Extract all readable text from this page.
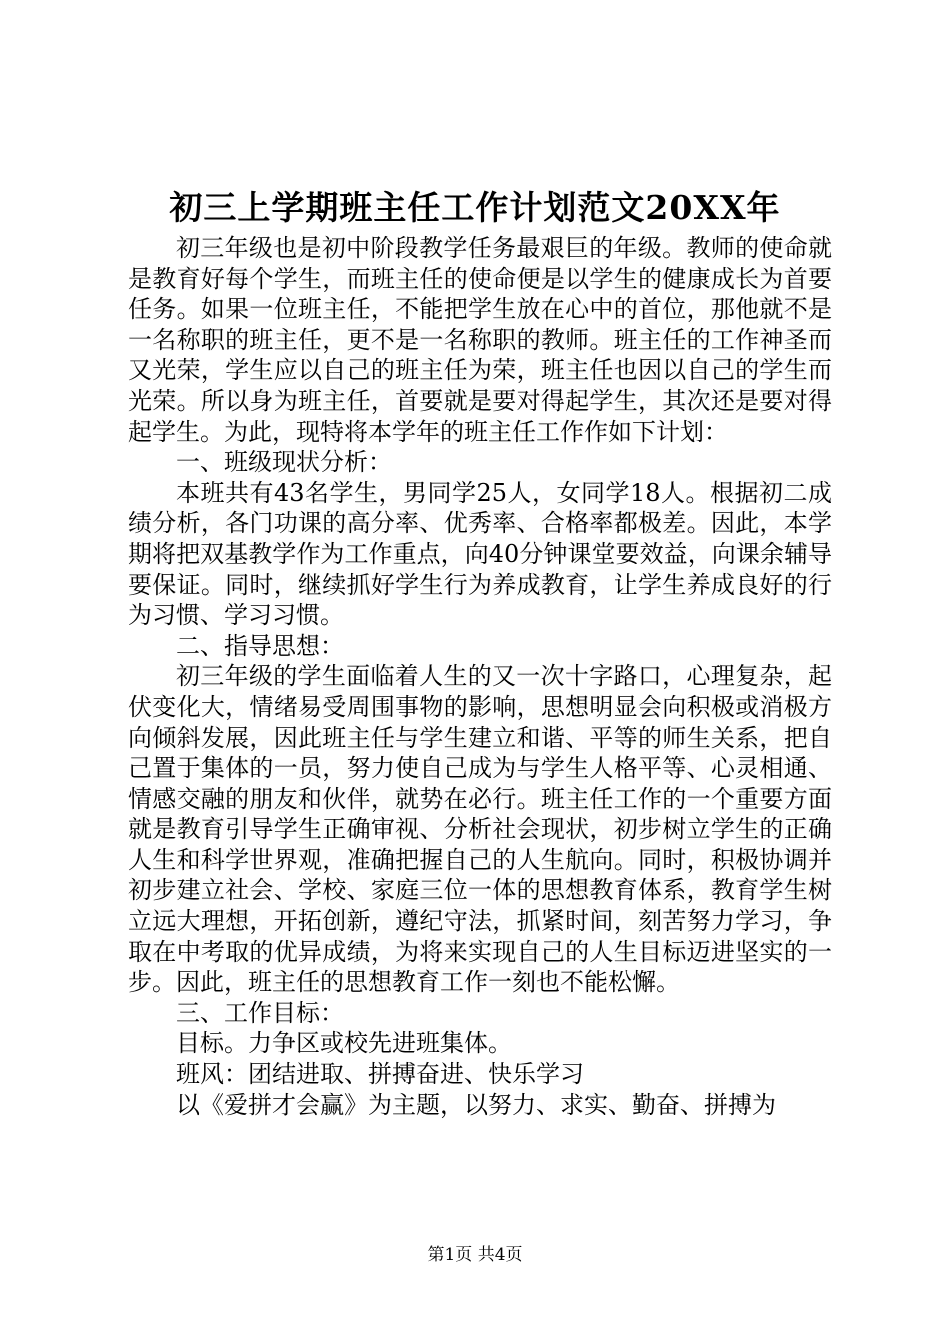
初三上学期班主任工作计划范文20XX年

初三年级也是初中阶段教学任务最艰巨的年级。教师的使命就是教育好每个学生，而班主任的使命便是以学生的健康成长为首要任务。如果一位班主任，不能把学生放在心中的首位，那他就不是一名称职的班主任，更不是一名称职的教师。班主任的工作神圣而又光荣，学生应以自己的班主任为荣，班主任也因以自己的学生而光荣。所以身为班主任，首要就是要对得起学生，其次还是要对得起学生。为此，现特将本学年的班主任工作作如下计划：

一、班级现状分析：

本班共有43名学生，男同学25人，女同学18人。根据初二成绩分析，各门功课的高分率、优秀率、合格率都极差。因此，本学期将把双基教学作为工作重点，向40分钟课堂要效益，向课余辅导要保证。同时，继续抓好学生行为养成教育，让学生养成良好的行为习惯、学习习惯。

二、指导思想：

初三年级的学生面临着人生的又一次十字路口，心理复杂，起伏变化大，情绪易受周围事物的影响，思想明显会向积极或消极方向倾斜发展，因此班主任与学生建立和谐、平等的师生关系，把自己置于集体的一员，努力使自己成为与学生人格平等、心灵相通、情感交融的朋友和伙伴，就势在必行。班主任工作的一个重要方面就是教育引导学生正确审视、分析社会现状，初步树立学生的正确人生和科学世界观，准确把握自己的人生航向。同时，积极协调并初步建立社会、学校、家庭三位一体的思想教育体系，教育学生树立远大理想，开拓创新，遵纪守法，抓紧时间，刻苦努力学习，争取在中考取的优异成绩，为将来实现自己的人生目标迈进坚实的一步。因此，班主任的思想教育工作一刻也不能松懈。

三、工作目标：

目标。力争区或校先进班集体。

班风：团结进取、拼搏奋进、快乐学习

以《爱拼才会赢》为主题，以努力、求实、勤奋、拼搏为

第1页 共4页
